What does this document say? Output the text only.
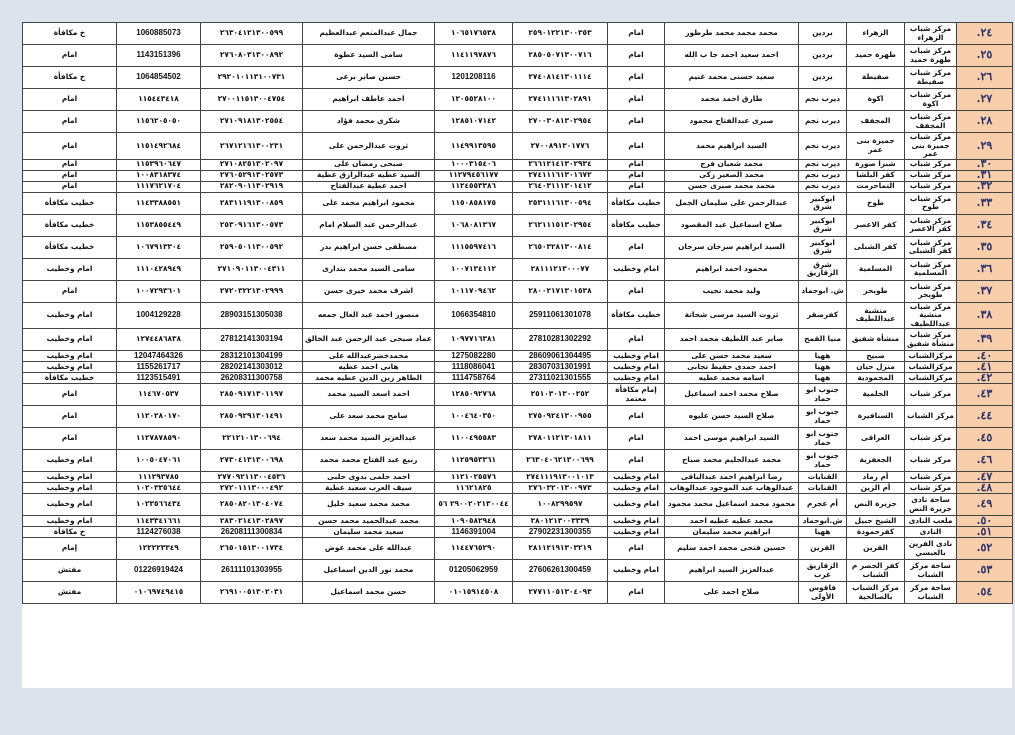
٢٤.	مركز شباب الزهراء	الزهراء	بردين	محمد محمد محمد طرطور	امام	٢٥٩٠١٢٢١٣٠٠٣٥٣	١٠٦٥١٧٦٥٣٨	جمال عبدالمنعم عبدالعظيم	٢٦٣٠٤١٢١٣٠٠٥٩٩	1060885073	خ مكافأة
٢٥.	مركز شباب طهرة حميد	طهرة حميد	بردين	احمد سعيد احمد جا ب الله	امام	٢٨٥٠٥٠٧١٣٠٠٧١٦	١١٤١١٩٧٨٧٦	سامى السيد عطوة	٢٧٦٠٨٠٣١٣٠٠٨٩٢	1143151396	امام
٢٦.	مركز شباب صفيطة	صفيطة	بردين	سعيد حسنى محمد غنيم	امام	٢٧٤٠٨١٤١٣٠١١١٤	1201208116	حسين صابر برعى	٢٩٢٠١٠١١٣١٠٠٧٣١	1064854502	خ مكافأة
٢٧.	مركز شباب اكوة	اكوة	ديرب نجم	طارق احمد محمد	امام	٢٧٤١١١٦١٣٠٢٨٩١	١٢٠٥٥٢٨١٠٠	احمد عاطف ابراهيم	٢٧٠٠١١٥١٣٠٠٤٧٥٤	١١٥٤٤٣٤١٨	امام
٢٨.	مركز شباب المجفف	المجفف	ديرب نجم	صبرى عبدالفتاح محمود	امام	٢٧٠٠٣٠٨١٣٠٢٩٥٤	١٢٨٥١٠٧١٤٢	شكرى محمد فؤاد	٢٧١٠٩١٨١٣٠٢٥٥٤	١١٥٦٢٠٥٠٥٠	امام
٢٩.	مركز شباب جميزة بنى عمر	جميزة بنى عمر	ديرب نجم	السيد ابراهيم محمد	امام	٢٧٠٠٨٩١٣٠١٧٧٦	١١٤٩٩١٣٥٩٥	ثروت عبدالرحمن على	٢٦٧١٢١٦١٣٠٠٢٣١	١١٥١٤٩٢٦٨٤	امام
٣٠.	مركز شباب	شبرا صورة	ديرب نجم	محمد شعبان فرج	امام	٢٦٦١٢١٤١٣٠٢٩٣٤	١٠٠٠٣١٥٤٠٦	صبحى رمضان على	٢٧١٠٨٢٥١٣٠٢٠٩٧	١١٥٣٩٦٠٦٤٧	امام
٣١.	مركز شباب	كفر البلشا	ديرب نجم	محمد الصغير زكى	امام	٢٧٤١١١٦١٣٠١٦٧٢	١١٢٧٩٤٥٦١٧٧	السيد عطيه عبدالرازق عطية	٢٧٦٠٥٢٩١٣٠٢٥٧٣	١٠٠٨٣١٨٣٧٤	امام
٣٢.	مركز شباب	التماحرمت	ديرب نجم	محمد محمد صبرى حسن	امام	٢٦٤٠٣١١١٣٠١٤١٢	١١٢٤٥٥٣٣٨٦	احمد عطية عبدالفتاح	٢٨٢٠٩٠١١٣٠٢٩١٩	١١١٧٦٢١٧٠٤	امام
٣٣.	مركز شباب طوخ	طوخ	ابوكبير شرق	عبدالرحمن على سليمان الجمل	خطيب مكافأة	٢٥٣١١١٦١٣٠٠٥٩٤	١١٥٠٨٥٨١٧٥	محمود ابراهيم محمد على	٢٨٣١١١٩١٣٠٠٨٥٩	١١٤٣٣٨٨٥٥١	خطيب مكافأة
٣٤.	مركز شباب كفر الاعصر	كفر الاعصر	ابوكبير شرق	صلاح اسماعيل عبد المقصود	خطيب مكافأة	٢٦٢١١١٥١٣٠٢٩٥٤	١٠٦٨٠٨١٣٦٧	عبدالرحمن عبد السلام امام	٢٥٣٠٩١٦١٣٠٠٥٧٣	١١٥٣٨٥٥٤٤٩	خطيب مكافأة
٣٥.	مركز شباب كفر الشبلى	كفر الشبلى	ابوكبير شرق	السيد ابراهيم سرحان سرحان	امام	٢٦٥٠٣٢٨١٣٠٠٨١٤	١١١٥٥٩٧٤١٦	مصطفى حسن ابراهيم بدر	٢٥٩٠٥٠١١٣٠٠٥٩٢	١٠٦٧٩١٣٣٠٤	خطيب مكافأة
٣٦.	مركز شباب المسلمية	المسلمية	شرق الزقازيق	محمود احمد ابراهيم	امام وخطيب	٢٨١١١٢١٣٠٠٠٧٧	١٠٠٧١٣٤١١٢	سامى السيد محمد بندارى	٢٧١٠٩٠١١٣٠٠٤٣١١	١١١٠٤٢٨٩٤٩	امام وخطيب
٣٧.	مركز شباب طويحر	طويحر	ش. ابوحماد	وليد محمد نجيب	امام	٢٨٠٠٢١٧١٣٠١٥٣٨	١٠١١٧٠٩٤٦٢	اشرف محمد خيرى حسن	٢٧٢٠٣٢٢١٣٠٢٩٩٩	١٠٠٧٢٩٣٦٠١	امام
٣٨.	مركز شباب منشية عبداللطيف	منشية عبداللطيف	كفرصقر	ثروت السيد مرسى شحاتة	خطيب مكافأة	25911061301078	1066354810	منصور احمد عبد العال جمعه	28903151305038	1004129228	امام وخطيب
٣٩.	مركز شباب منشأة شفيق	منشأة شفيق	منيا القمح	صابر عبد اللطيف محمد احمد	امام	27810281302292	١٠٩٧٧١٦٣٨١	عماد صبحى عبد الرحمن عبد الخالق	27812141303194	١٢٧٤٤٨٦٨٣٨	امام وخطيب
٤٠.	مركزالشباب	صبيح	ههيا	سعيد محمد حسن على	امام وخطيب	28609061304495	1275082280	محمدخضرعبدالله على	28312101304199	12047464326	امام وخطيب
٤١.	مركزالشباب	منزل حيان	ههيا	احمد حمدى حفيظ تجانى	امام وخطيب	28307031301991	1118086041	هانى احمد عطيه	28202141303012	1155261717	امام وخطيب
٤٢.	مركزالشباب	المحمودية	ههيا	اسامه محمد عطيه	امام وخطيب	27311021301555	1114758764	الطاهر زين الدين عطيه محمد	26208311300758	1123515491	خطيب مكافأة
٤٣.	مركز شباب	الحلمية	جنوب ابو حماد	صلاح محمد احمد اسماعيل	إمام مكافأة معتمد	٢٥١٠٣٠١٣٠٠٢٥٢	١٢٨٥٠٩٢٧٦٨	احمد اسعد السيد محمد	٢٨٥٠٩١٧١٣٠١١٩٧	١١٤٦٧٠٥٣٧	امام
٤٤.	مركز الشباب	السنافيرة	جنوب ابو حماد	صلاح السيد حسن عليوه	امام	٢٧٥٠٩٢٤١٣٠٠٩٥٥	١٠٠٤٦٤٠٣٥٠	سامح محمد سعد على	٢٨٥٠٩٢٩١٣٠١٤٩١	١١٢٠٢٨٠١٧٠	امام
٤٥.	مركز شباب	العراقى	جنوب ابو حماد	السيد ابراهيم موسى احمد	امام	٢٧٨٠١١٢١٣٠١٨١١	١١٠٠٤٩٥٥٨٣	عبدالعزيز السيد محمد سعد	٢٢١٢١٠١٣٠٠٦٩٤	١١٢٧٨٧٨٥٩٠	امام
٤٦.	مركز شباب	الجعفرية	جنوب ابو حماد	محمد عبدالحليم محمد صباح	امام	٢٦٣٠٤٠٦٢١٣٠٠٦٩٩	١١٢٥٩٥٣٣٦١	ربيع عبد الفتاح محمد محمد	٢٧٣٠٤١٣١٣٠٠٦٩٨	١٠٠٥٠٤٧٠٦١	امام وخطيب
٤٧.	مركز شباب	أم رماد	القنايات	رضا ابراهيم احمد عبدالباقى	امام وخطيب	٢٧٤١١١٩١٣٠٠١٠١٣	١١٢١٠٢٥٥٧٦	احمد حلمى بدوى حلبى	٢٧٧٠٩٢١١٣٠٠٤٥٣٦	١١١٢٩٣٧٨٥	امام وخطيب
٤٨.	مركز شباب	أم الزين	القنايات	عبدالوهاب عبد الموجود عبدالوهاب	امام وخطيب	٢٧٦٠٣٢٠١٣٠٠٩٧٣	١١٦٢١٨٢٥	سيف العرب سعيد عطية	٢٧٢٠١١١٣٠٠٠٤٩٢	١٠٢٠٣٣٥٦٤٤	امام وخطيب
٤٩.	ساحة نادى جزيرة النص	جزيرة النص	أم عجرم	محمود محمد اسماعيل محمد محمود	امام وخطيب	١٠٠٨٢٩٩٥٩٧	٢٩٠٠٢٠٢١٣٠٠٤٤ ٥٦	محمد محمد سعيد خليل	٢٨٥٠٨٢٠١٣٠٤٠٧٤	١٠٢٣٥٦٦٤٣٤	امام وخطيب
٥٠.	ملعب النادى	الشيخ جبيل	ش.ابوحماد	محمد عطيه عطيه احمد	امام وخطيب	٢٨٠١٢١٣٠٠٣٣٣٩	١٠٩٠٥٨٢٩٤٨	محمد عبدالحميد محمد حسن	٢٨٣٠٢١٤١٣٠٢٨٩٧	١١٤٣٣٤١٦٦١	امام وخطيب
٥١.	النادى	كفرحمودة	ههيا	ابراهيم محمد سليمان	امام وخطيب	27902231300355	1146391004	سعيد محمد سليمان	26208111300834	1124276038	خ مكافأة
٥٢.	نادى القرين بالعبسي	القرين	القرين	حسين فتحى محمد احمد سليم	امام	٢٨١١٢١٩١٣٠٣٢١٩	١١٤٤٧٦٥٢٩٠	عبدالله على محمد عوض	٢٦٥٠١٥١٣٠٠١٧٣٤	١٢٢٢٢٣٣٤٩	إمام
٥٣.	ساحة مركز الشباب	كفر الحصر م الشباب	الزقازيق غرب	عبدالعزيز السيد ابراهيم	امام وخطيب	27606261300459	01205062959	محمد نور الدين اسماعيل	26111101303955	01226919424	مفتش
٥٤.	ساحة مركز الشباب	مركز الشباب بالصالحية	فاقوس الأولى	صلاح احمد على	امام	٢٧٧١١٠٥١٣٠٤٠٩٣	٠١٠١٥٩١٤٥٠٨	حسن محمد اسماعيل	٢٦٩١٠٠٥١٣٠٢٠٣١	٠١٠٦٩٧٤٩٤١٥	مفتش
